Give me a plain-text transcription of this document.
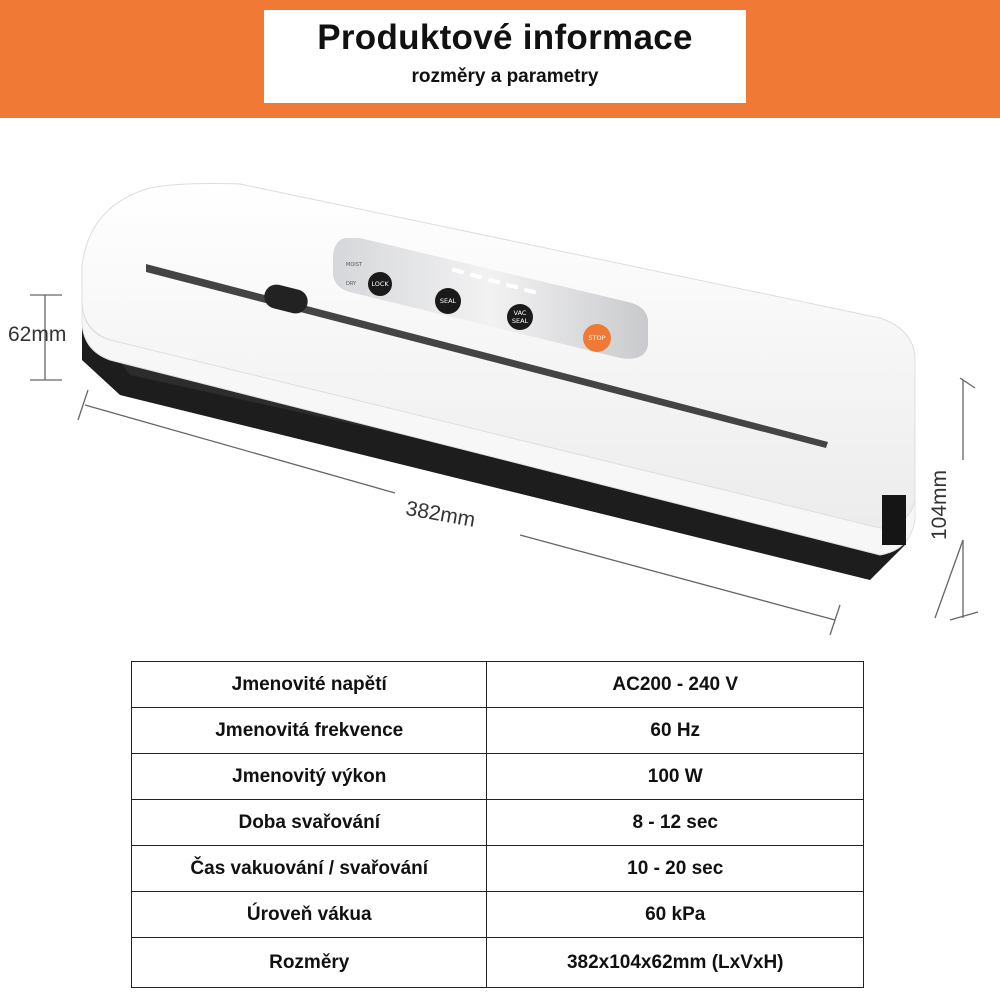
Produktové informace
rozměry a parametry
LOCK
SEAL
VAC
SEAL
STOP
MOIST
DRY
62mm
382mm	104mm
Jmenovité napětí	AC200 - 240 V
Jmenovitá frekvence	60 Hz
Jmenovitý výkon	100 W
Doba svařování	8 - 12 sec
Čas vakuování / svařování	10 - 20 sec
Úroveň vákua	60 kPa
Rozměry	382x104x62mm (LxVxH)
